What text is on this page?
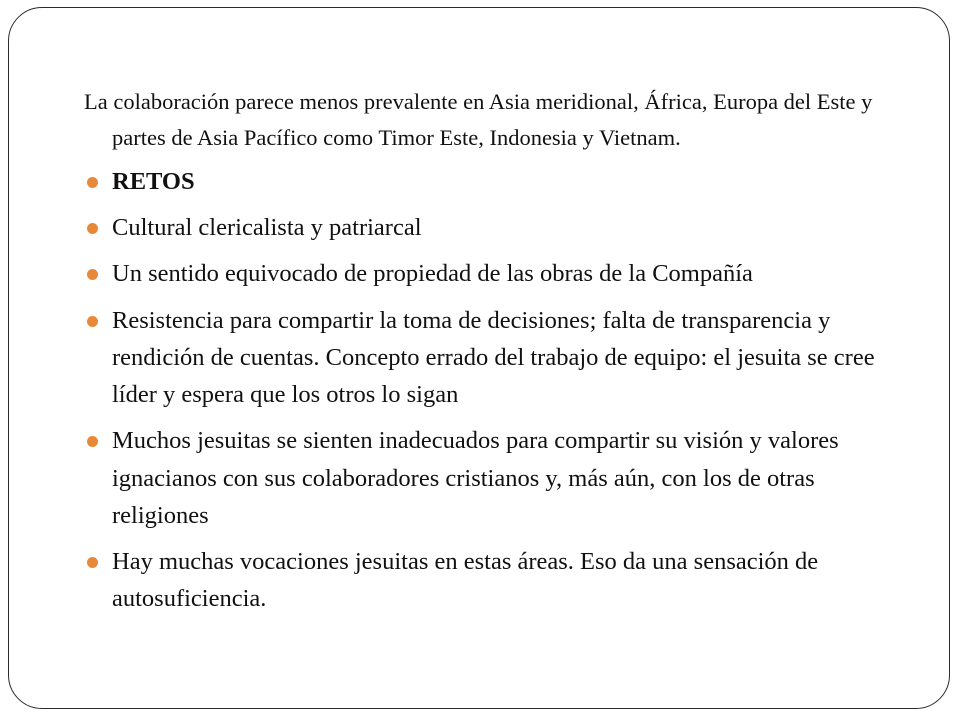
La colaboración parece menos prevalente en Asia meridional, África, Europa del Este y partes de Asia Pacífico como Timor Este, Indonesia y Vietnam.

RETOS
Cultural clericalista y patriarcal
Un sentido equivocado de propiedad de las obras de la Compañía
Resistencia para compartir la toma de decisiones; falta de transparencia y rendición de cuentas. Concepto errado del trabajo de equipo: el jesuita se cree líder y espera que los otros lo sigan
Muchos jesuitas se sienten inadecuados para compartir su visión y valores ignacianos con sus colaboradores cristianos y, más aún, con los de otras religiones
Hay muchas vocaciones jesuitas en estas áreas. Eso da una sensación de autosuficiencia.
